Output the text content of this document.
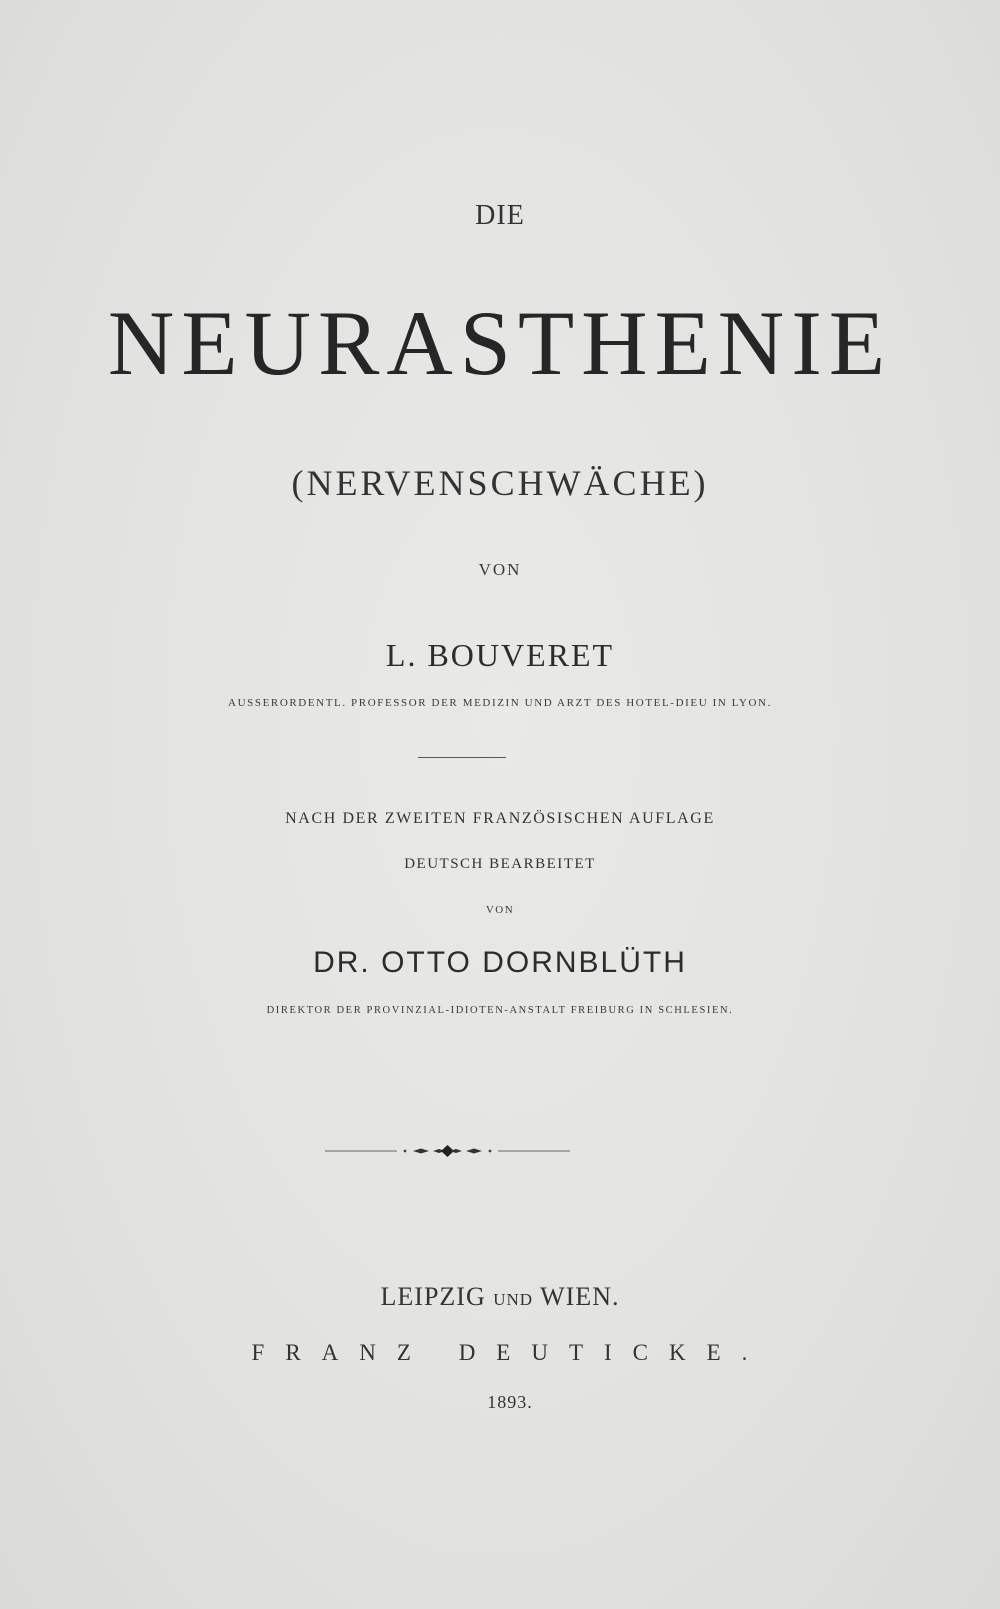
DIE
NEURASTHENIE
(NERVENSCHWÄCHE)
VON
L. BOUVERET
AUSSERORDENTL. PROFESSOR DER MEDIZIN UND ARZT DES HOTEL-DIEU IN LYON.
NACH DER ZWEITEN FRANZÖSISCHEN AUFLAGE
DEUTSCH BEARBEITET
VON
DR. OTTO DORNBLÜTH
DIREKTOR DER PROVINZIAL-IDIOTEN-ANSTALT FREIBURG IN SCHLESIEN.
LEIPZIG UND WIEN.
FRANZ DEUTICKE.
1893.
